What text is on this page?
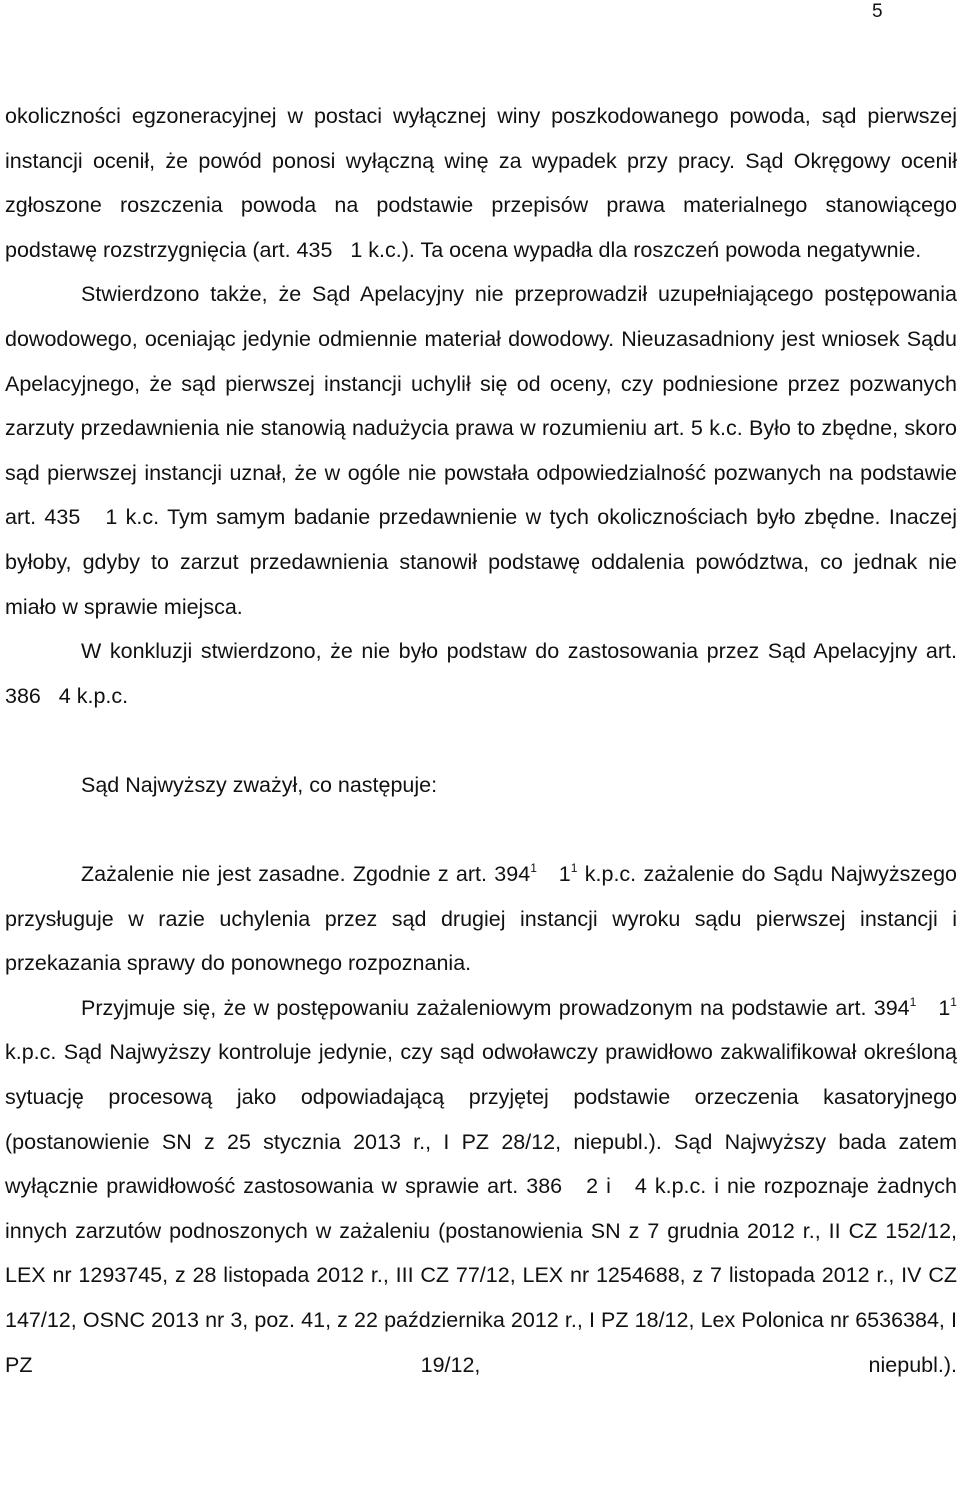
5

okoliczności egzoneracyjnej w postaci wyłącznej winy poszkodowanego powoda, sąd pierwszej instancji ocenił, że powód ponosi wyłączną winę za wypadek przy pracy. Sąd Okręgowy ocenił zgłoszone roszczenia powoda na podstawie przepisów prawa materialnego stanowiącego podstawę rozstrzygnięcia (art. 435   1 k.c.). Ta ocena wypadła dla roszczeń powoda negatywnie.

Stwierdzono także, że Sąd Apelacyjny nie przeprowadził uzupełniającego postępowania dowodowego, oceniając jedynie odmiennie materiał dowodowy. Nieuzasadniony jest wniosek Sądu Apelacyjnego, że sąd pierwszej instancji uchylił się od oceny, czy podniesione przez pozwanych zarzuty przedawnienia nie stanowią nadużycia prawa w rozumieniu art. 5 k.c. Było to zbędne, skoro sąd pierwszej instancji uznał, że w ogóle nie powstała odpowiedzialność pozwanych na podstawie art. 435   1 k.c. Tym samym badanie przedawnienie w tych okolicznościach było zbędne. Inaczej byłoby, gdyby to zarzut przedawnienia stanowił podstawę oddalenia powództwa, co jednak nie miało w sprawie miejsca.

W konkluzji stwierdzono, że nie było podstaw do zastosowania przez Sąd Apelacyjny art. 386   4 k.p.c.

Sąd Najwyższy zważył, co następuje:

Zażalenie nie jest zasadne. Zgodnie z art. $394^1$   $1^1$ k.p.c. zażalenie do Sądu Najwyższego przysługuje w razie uchylenia przez sąd drugiej instancji wyroku sądu pierwszej instancji i przekazania sprawy do ponownego rozpoznania.

Przyjmuje się, że w postępowaniu zażaleniowym prowadzonym na podstawie art. $394^1$   $1^1$ k.p.c. Sąd Najwyższy kontroluje jedynie, czy sąd odwoławczy prawidłowo zakwalifikował określoną sytuację procesową jako odpowiadającą przyjętej podstawie orzeczenia kasatoryjnego (postanowienie SN z 25 stycznia 2013 r., I PZ 28/12, niepubl.). Sąd Najwyższy bada zatem wyłącznie prawidłowość zastosowania w sprawie art. 386   2 i   4 k.p.c. i nie rozpoznaje żadnych innych zarzutów podnoszonych w zażaleniu (postanowienia SN z 7 grudnia 2012 r., II CZ 152/12, LEX nr 1293745, z 28 listopada 2012 r., III CZ 77/12, LEX nr 1254688, z 7 listopada 2012 r., IV CZ 147/12, OSNC 2013 nr 3, poz. 41, z 22 października 2012 r., I PZ 18/12, Lex Polonica nr 6536384, I PZ 19/12, niepubl.).
